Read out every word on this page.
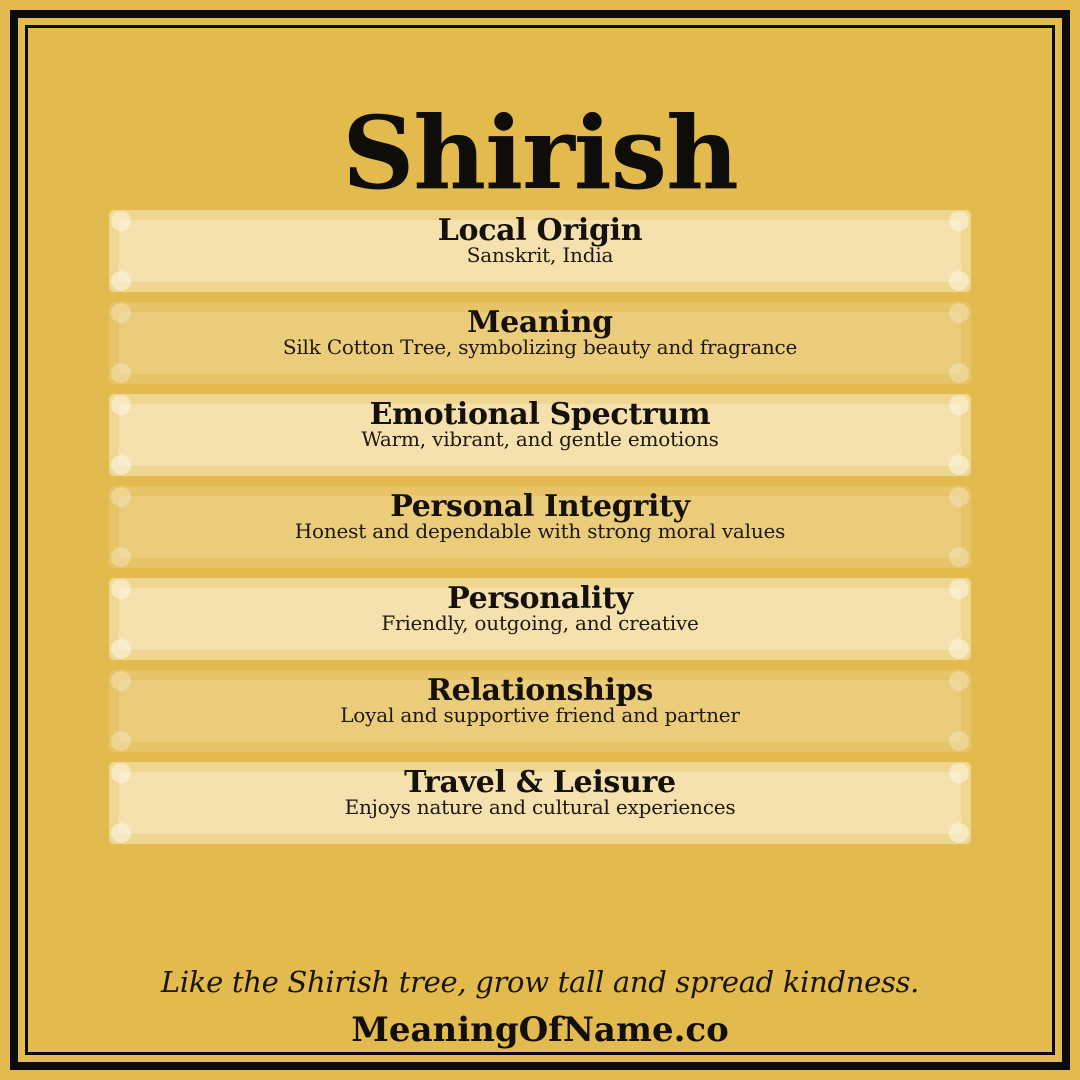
Shirish
Local Origin

Sanskrit, India

Meaning

Silk Cotton Tree, symbolizing beauty and fragrance

Emotional Spectrum

Warm, vibrant, and gentle emotions

Personal Integrity

Honest and dependable with strong moral values

Personality

Friendly, outgoing, and creative

Relationships

Loyal and supportive friend and partner

Travel & Leisure

Enjoys nature and cultural experiences

Like the Shirish tree, grow tall and spread kindness.

MeaningOfName.co
